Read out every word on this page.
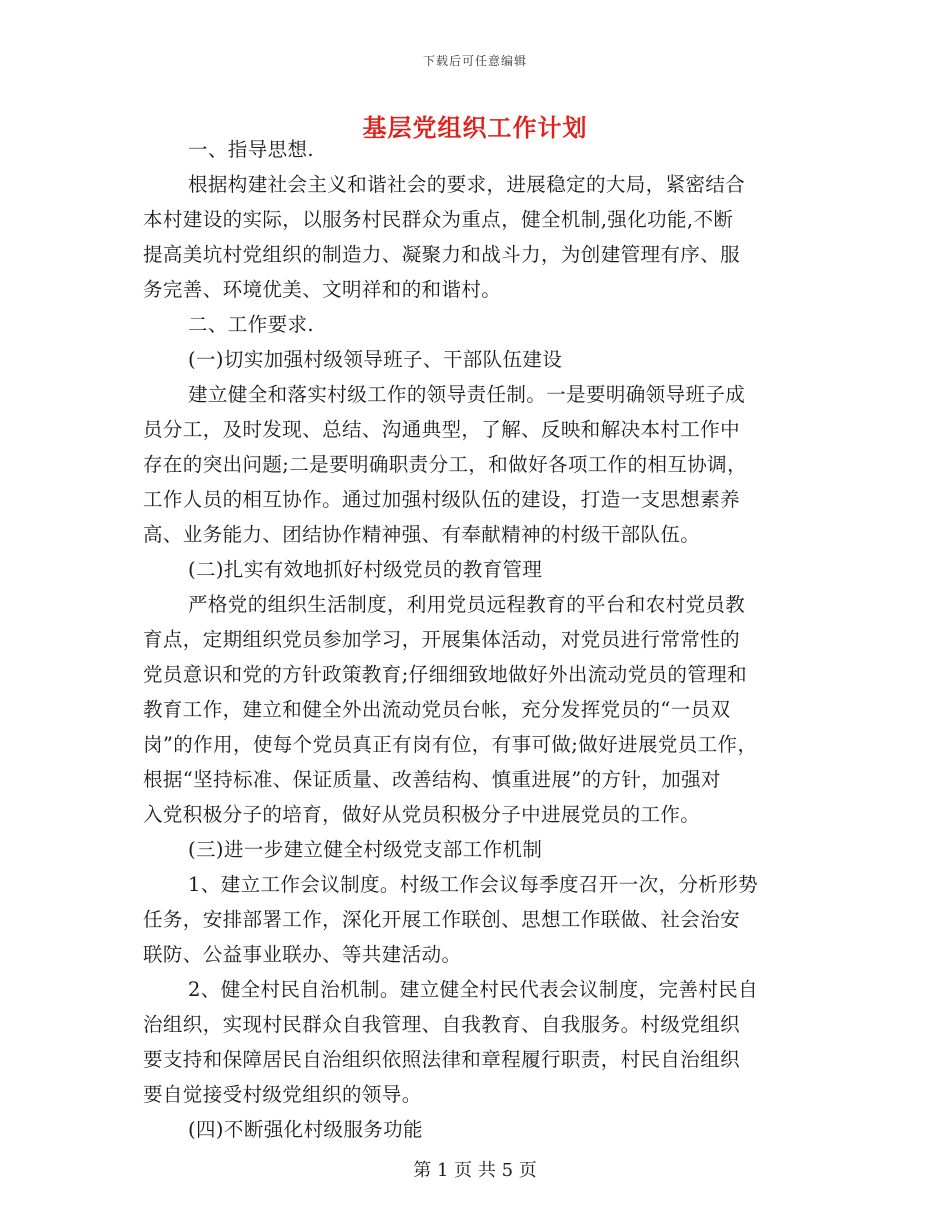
下载后可任意编辑
基层党组织工作计划
一、指导思想.
根据构建社会主义和谐社会的要求，进展稳定的大局，紧密结合
本村建设的实际，以服务村民群众为重点，健全机制,强化功能,不断
提高美坑村党组织的制造力、凝聚力和战斗力，为创建管理有序、服
务完善、环境优美、文明祥和的和谐村。
二、工作要求.
(一)切实加强村级领导班子、干部队伍建设
建立健全和落实村级工作的领导责任制。一是要明确领导班子成
员分工，及时发现、总结、沟通典型，了解、反映和解决本村工作中
存在的突出问题;二是要明确职责分工，和做好各项工作的相互协调，
工作人员的相互协作。通过加强村级队伍的建设，打造一支思想素养
高、业务能力、团结协作精神强、有奉献精神的村级干部队伍。
(二)扎实有效地抓好村级党员的教育管理
严格党的组织生活制度，利用党员远程教育的平台和农村党员教
育点，定期组织党员参加学习，开展集体活动，对党员进行常常性的
党员意识和党的方针政策教育;仔细细致地做好外出流动党员的管理和
教育工作，建立和健全外出流动党员台帐，充分发挥党员的“一员双
岗”的作用，使每个党员真正有岗有位，有事可做;做好进展党员工作，
根据“坚持标准、保证质量、改善结构、慎重进展”的方针，加强对
入党积极分子的培育，做好从党员积极分子中进展党员的工作。
(三)进一步建立健全村级党支部工作机制
1、建立工作会议制度。村级工作会议每季度召开一次，分析形势
任务，安排部署工作，深化开展工作联创、思想工作联做、社会治安
联防、公益事业联办、等共建活动。
2、健全村民自治机制。建立健全村民代表会议制度，完善村民自
治组织，实现村民群众自我管理、自我教育、自我服务。村级党组织
要支持和保障居民自治组织依照法律和章程履行职责，村民自治组织
要自觉接受村级党组织的领导。
(四)不断强化村级服务功能
第 1 页 共 5 页
